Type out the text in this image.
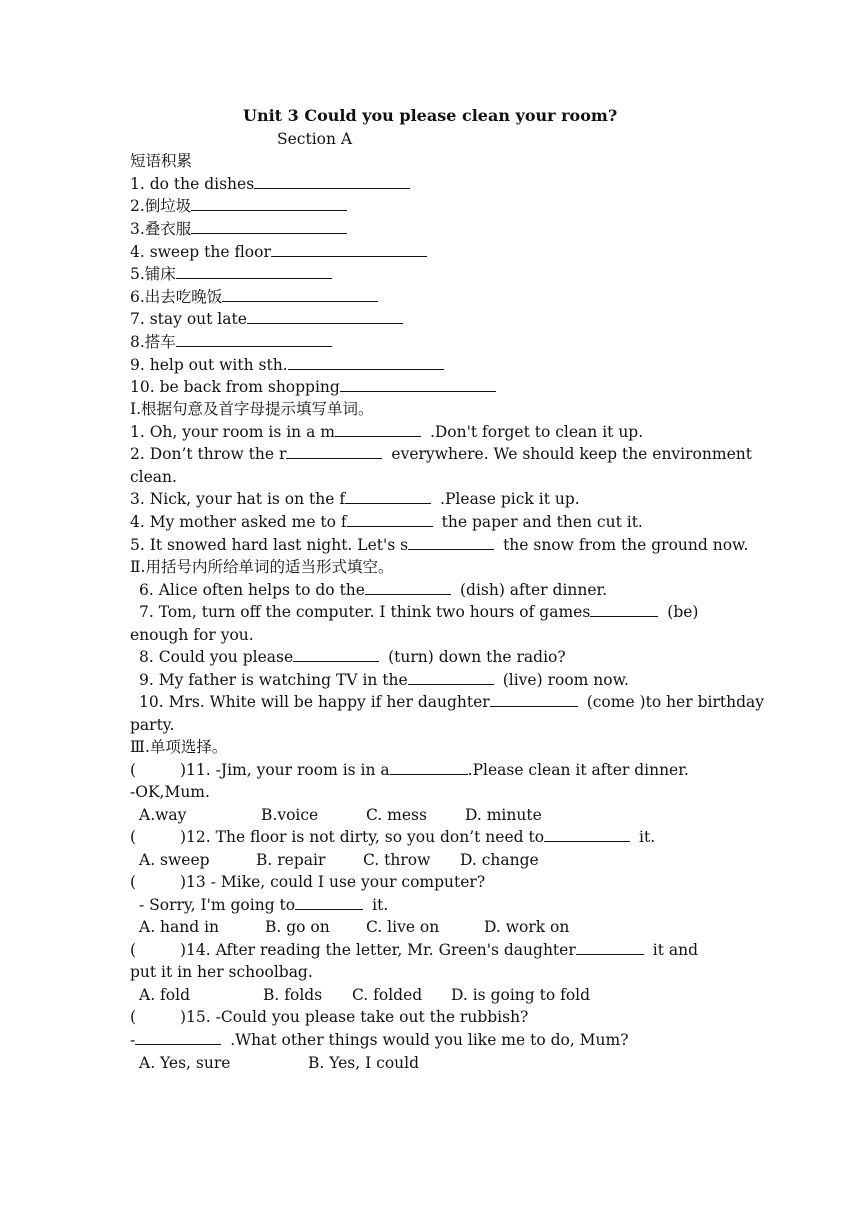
Unit 3 Could you please clean your room?
Section A
短语积累
1. do the dishes
2.倒垃圾
3.叠衣服
4. sweep the floor
5.铺床
6.出去吃晚饭
7. stay out late
8.搭车
9. help out with sth.
10. be back from shopping
I.根据句意及首字母提示填写单词。
1. Oh, your room is in a m	.Don't forget to clean it up.
2. Don’t throw the r	everywhere. We should keep the environment
clean.
3. Nick, your hat is on the f	.Please pick it up.
4. My mother asked me to f	the paper and then cut it.
5. It snowed hard last night. Let's s	the snow from the ground now.
Ⅱ.用括号内所给单词的适当形式填空。
6. Alice often helps to do the	(dish) after dinner.
7. Tom, turn off the computer. I think two hours of games	(be)
enough for you.
8. Could you please	(turn) down the radio?
9. My father is watching TV in the	(live) room now.
10. Mrs. White will be happy if her daughter	(come )to her birthday
party.
Ⅲ.单项选择。
(	)11. -Jim, your room is in a	.Please clean it after dinner.
-OK,Mum.
A.way	B.voice	C. mess D. minute
(	)12. The floor is not dirty, so you don’t need to	it.
A. sweep	B. repair C. throw D. change
(	)13 - Mike, could I use your computer?
- Sorry, I'm going to	it.
A. hand in	B. go on C. live on	D. work on
(	)14. After reading the letter, Mr. Green's daughter	it and
put it in her schoolbag.
A. fold	B. folds C. folded D. is going to fold
(	)15. -Could you please take out the rubbish?
-	.What other things would you like me to do, Mum?
A. Yes, sure	B. Yes, I could
